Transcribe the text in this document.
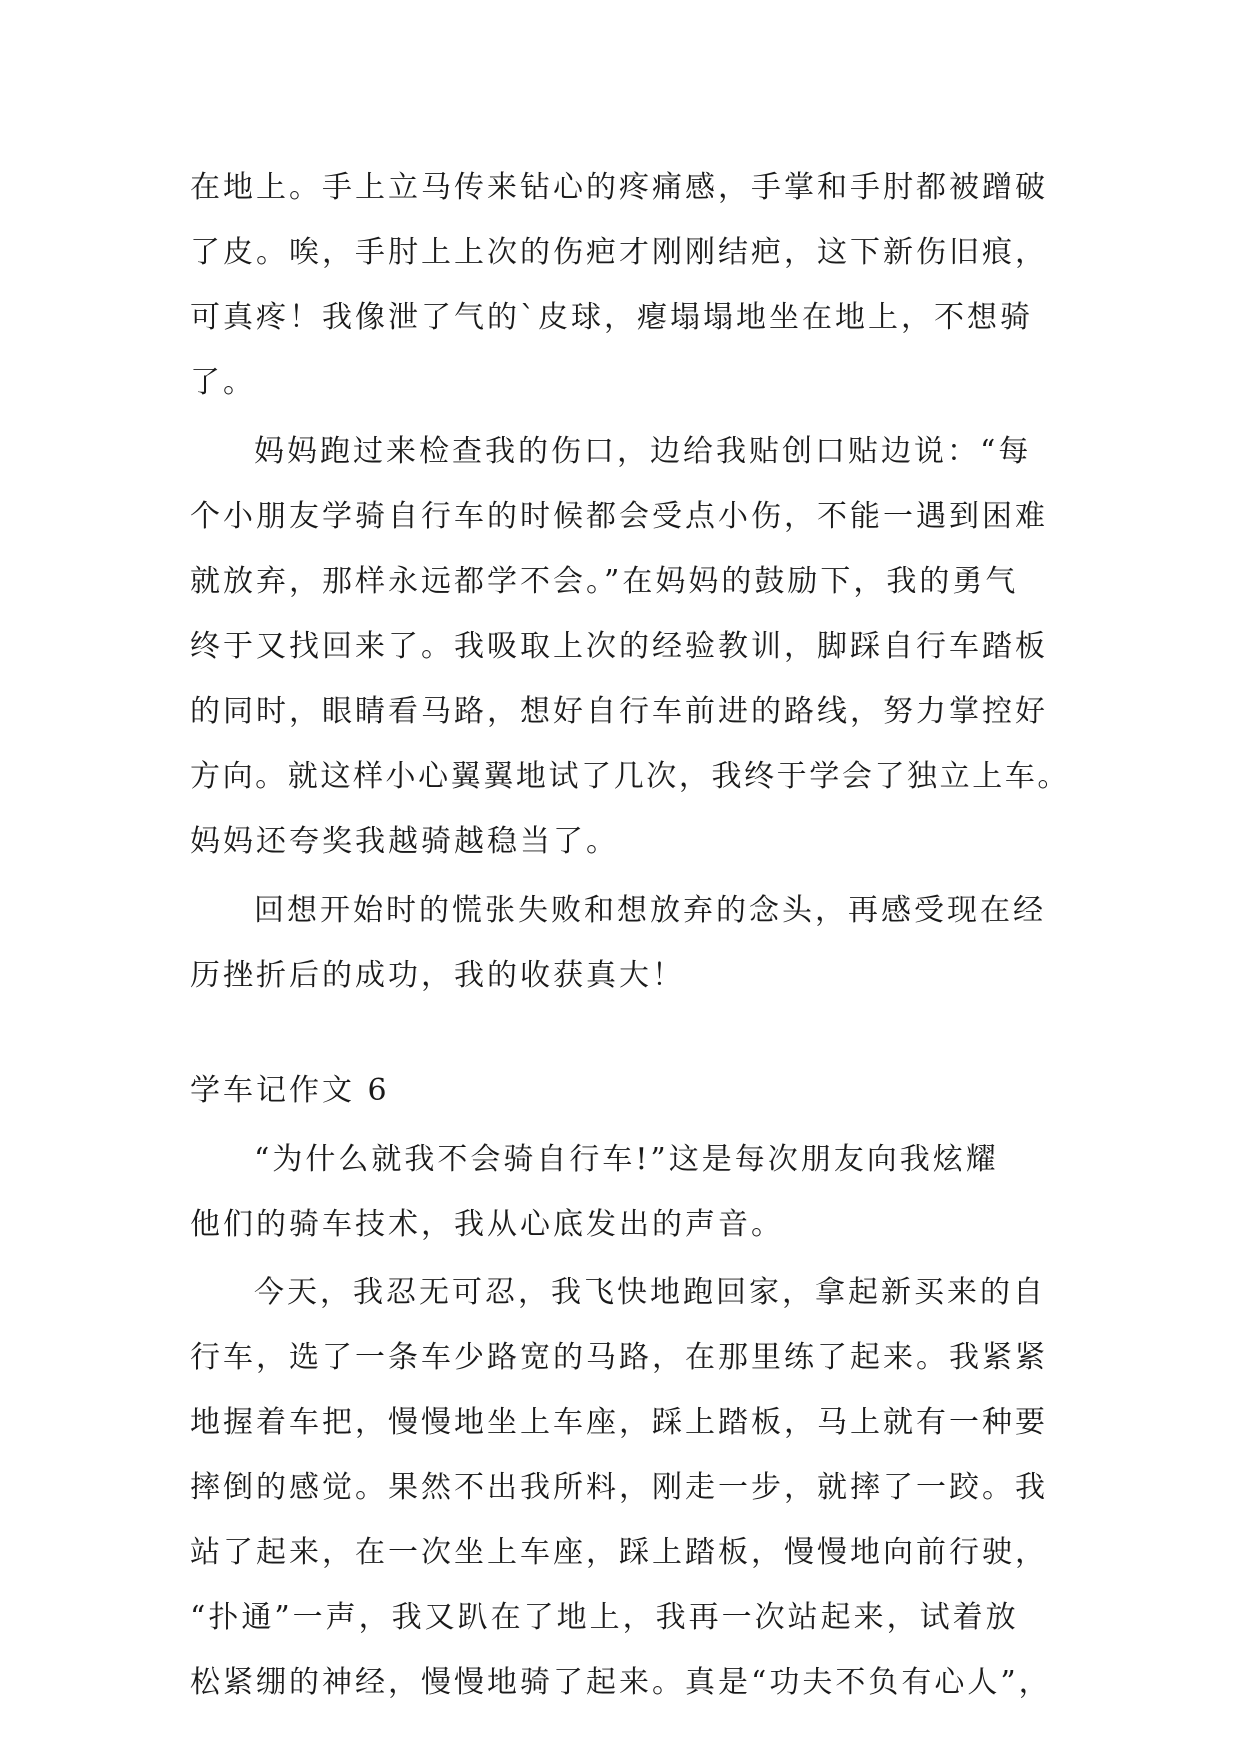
在地上。手上立马传来钻心的疼痛感，手掌和手肘都被蹭破
了皮。唉，手肘上上次的伤疤才刚刚结疤，这下新伤旧痕，
可真疼！我像泄了气的`皮球，瘪塌塌地坐在地上，不想骑
了。
妈妈跑过来检查我的伤口，边给我贴创口贴边说：“每
个小朋友学骑自行车的时候都会受点小伤，不能一遇到困难
就放弃，那样永远都学不会。”在妈妈的鼓励下，我的勇气
终于又找回来了。我吸取上次的经验教训，脚踩自行车踏板
的同时，眼睛看马路，想好自行车前进的路线，努力掌控好
方向。就这样小心翼翼地试了几次，我终于学会了独立上车。
妈妈还夸奖我越骑越稳当了。
回想开始时的慌张失败和想放弃的念头，再感受现在经
历挫折后的成功，我的收获真大！
学车记作文 6
“为什么就我不会骑自行车!”这是每次朋友向我炫耀
他们的骑车技术，我从心底发出的声音。
今天，我忍无可忍，我飞快地跑回家，拿起新买来的自
行车，选了一条车少路宽的马路，在那里练了起来。我紧紧
地握着车把，慢慢地坐上车座，踩上踏板，马上就有一种要
摔倒的感觉。果然不出我所料，刚走一步，就摔了一跤。我
站了起来，在一次坐上车座，踩上踏板，慢慢地向前行驶，
“扑通”一声，我又趴在了地上，我再一次站起来，试着放
松紧绷的神经，慢慢地骑了起来。真是“功夫不负有心人”，
